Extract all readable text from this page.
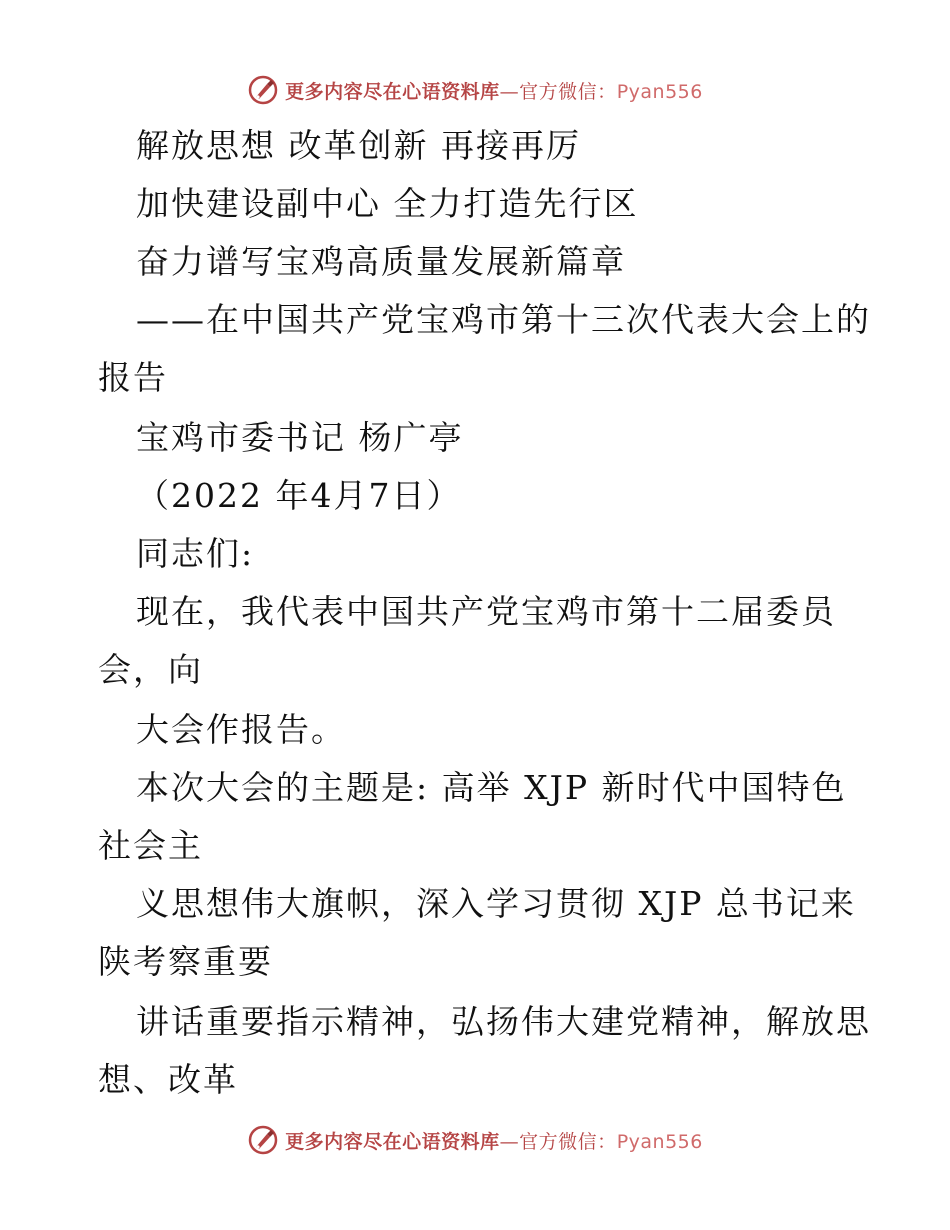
更多内容尽在心语资料库—官方微信：Pyan556
解放思想 改革创新 再接再厉
加快建设副中心 全力打造先行区
奋力谱写宝鸡高质量发展新篇章
——在中国共产党宝鸡市第十三次代表大会上的
报告
宝鸡市委书记 杨广亭
（2022 年4月7日）
同志们:
现在，我代表中国共产党宝鸡市第十二届委员
会，向
大会作报告。
本次大会的主题是: 高举 XJP 新时代中国特色
社会主
义思想伟大旗帜，深入学习贯彻 XJP 总书记来
陕考察重要
讲话重要指示精神，弘扬伟大建党精神，解放思
想、改革
更多内容尽在心语资料库—官方微信：Pyan556
